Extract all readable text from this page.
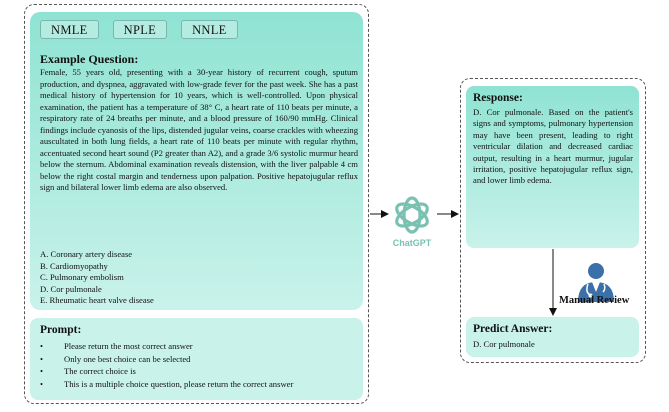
NMLE	NPLE	NNLE
Example Question:
Female, 55 years old, presenting with a 30-year history of recurrent cough, sputum production, and dyspnea, aggravated with low-grade fever for the past week. She has a past medical history of hypertension for 10 years, which is well-controlled. Upon physical examination, the patient has a temperature of 38° C, a heart rate of 110 beats per minute, a respiratory rate of 24 breaths per minute, and a blood pressure of 160/90 mmHg. Clinical findings include cyanosis of the lips, distended jugular veins, coarse crackles with wheezing auscultated in both lung fields, a heart rate of 110 beats per minute with regular rhythm, accentuated second heart sound (P2 greater than A2), and a grade 3/6 systolic murmur heard below the sternum. Abdominal examination reveals distension, with the liver palpable 4 cm below the right costal margin and tenderness upon palpation. Positive hepatojugular reflux sign and bilateral lower limb edema are also observed.
A. Coronary artery disease
B. Cardiomyopathy
C. Pulmonary embolism
D. Cor pulmonale
E. Rheumatic heart valve disease
Prompt:
• Please return the most correct answer
• Only one best choice can be selected
• The correct choice is
• This is a multiple choice question, please return the correct answer
ChatGPT
Response:
D. Cor pulmonale. Based on the patient's signs and symptoms, pulmonary hypertension may have been present, leading to right ventricular dilation and decreased cardiac output, resulting in a heart murmur, jugular irritation, positive hepatojugular reflux sign, and lower limb edema.
Manual Review
Predict Answer:
D. Cor pulmonale
